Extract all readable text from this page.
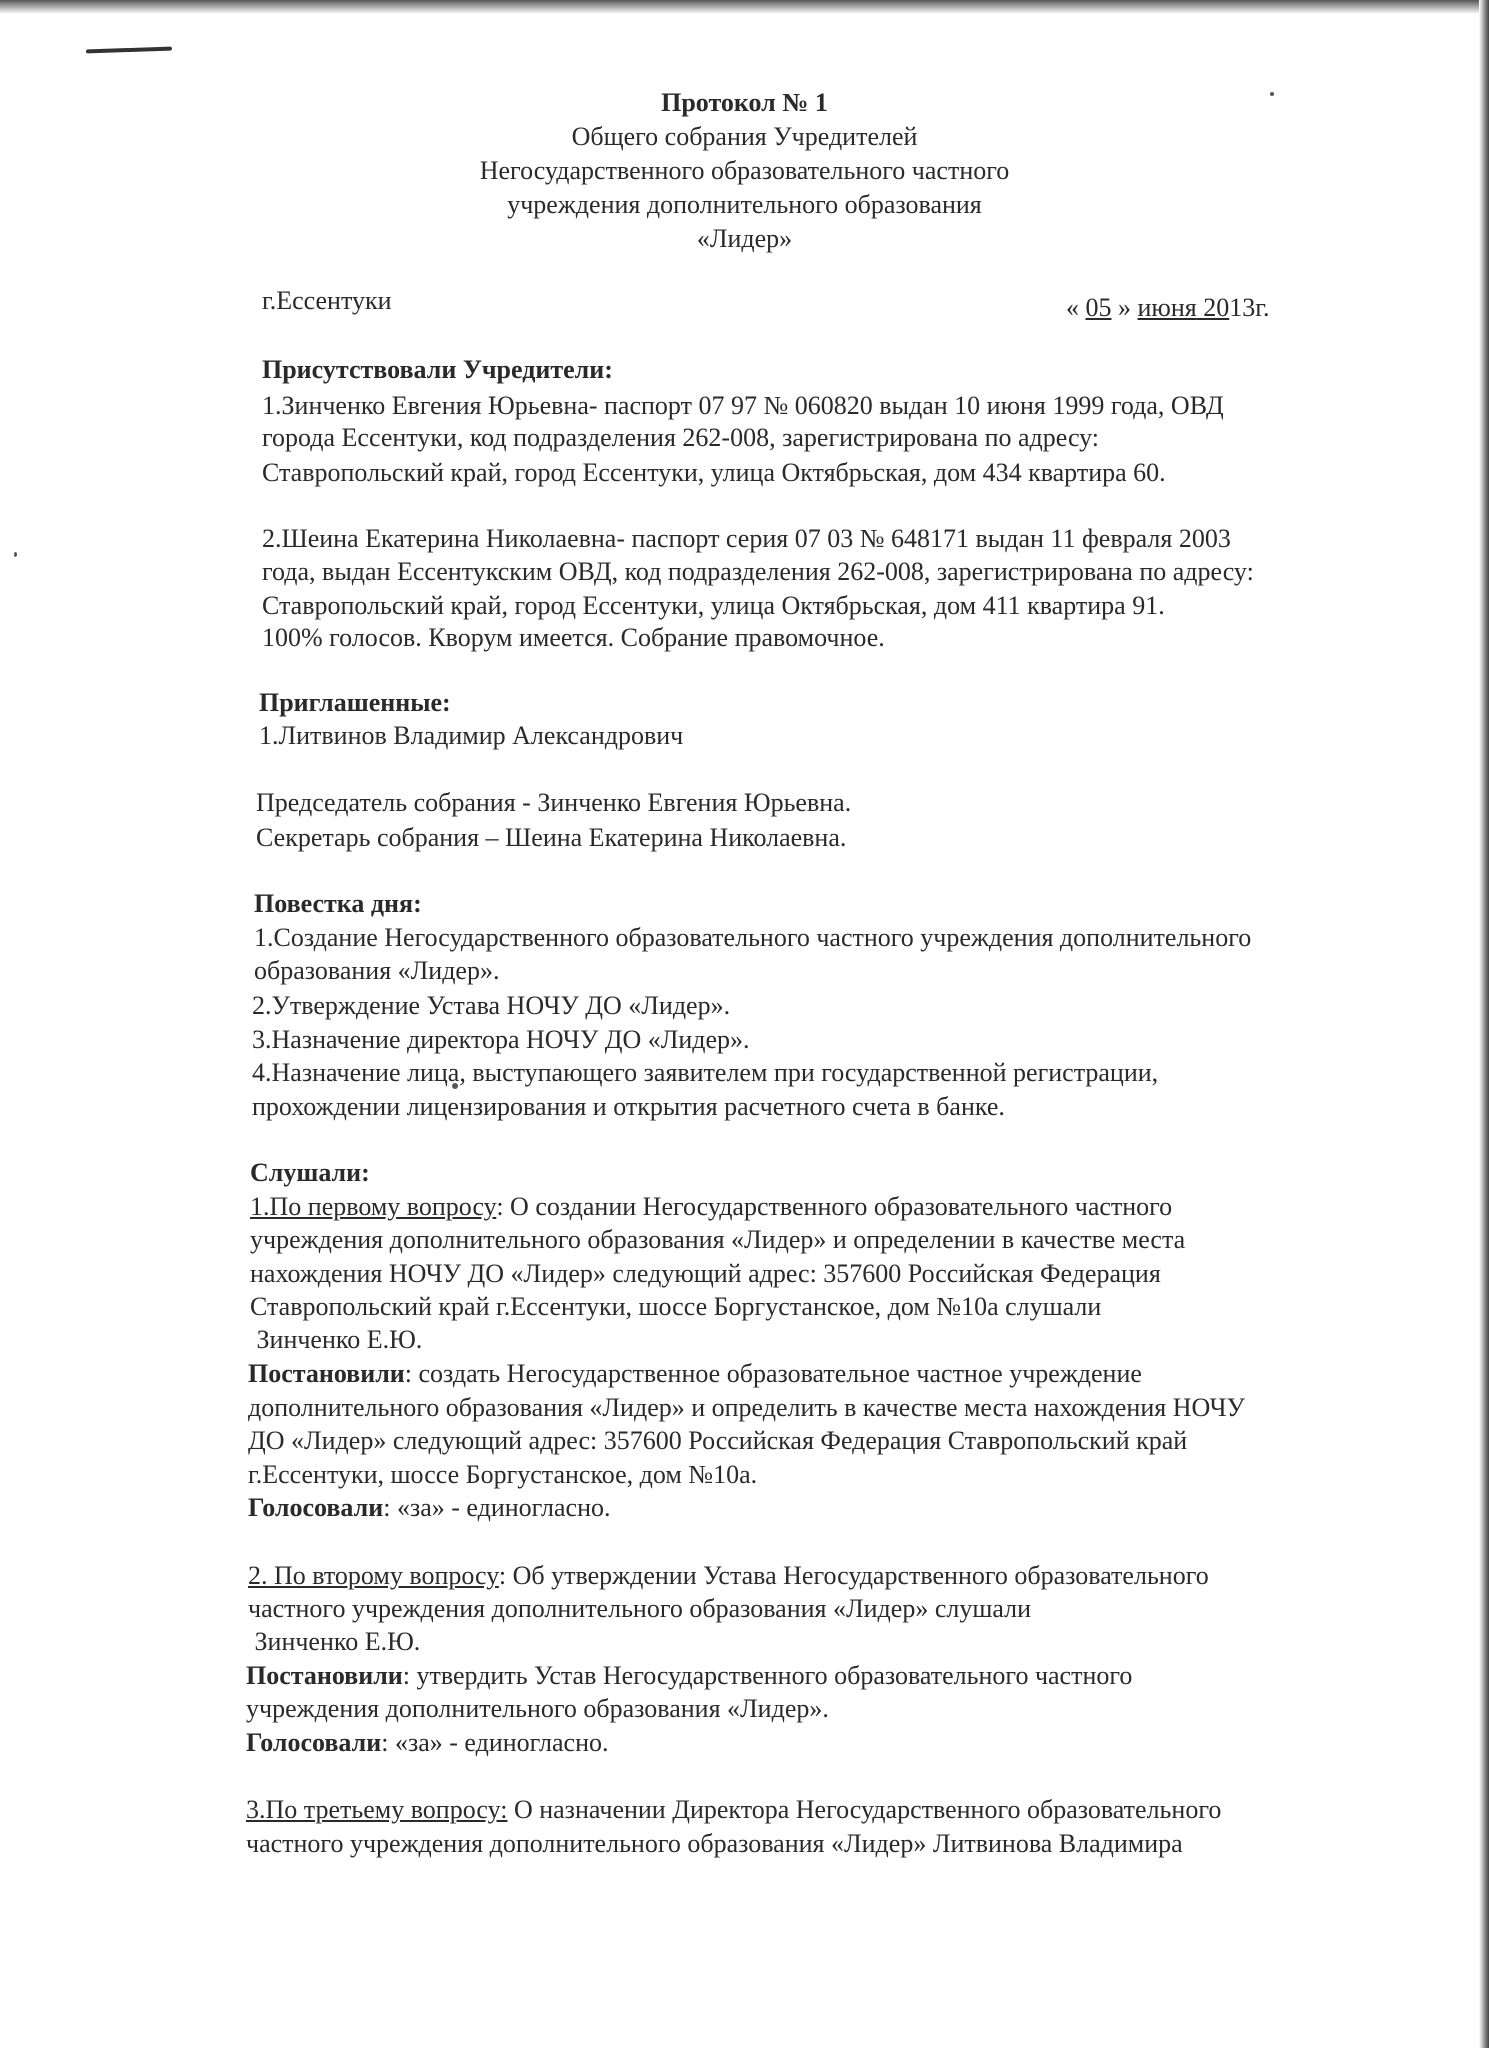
Протокол № 1
Общего собрания Учредителей
Негосударственного образовательного частного
учреждения дополнительного образования
«Лидер»
г.Ессентуки	« 05 » июня 2013г.
Присутствовали Учредители:
1.Зинченко Евгения Юрьевна- паспорт 07 97 № 060820 выдан 10 июня 1999 года, ОВД
города Ессентуки, код подразделения 262-008, зарегистрирована по адресу:
Ставропольский край, город Ессентуки, улица Октябрьская, дом 434 квартира 60.
2.Шеина Екатерина Николаевна- паспорт серия 07 03 № 648171 выдан 11 февраля 2003
года, выдан Ессентукским ОВД, код подразделения 262-008, зарегистрирована по адресу:
Ставропольский край, город Ессентуки, улица Октябрьская, дом 411 квартира 91.
100% голосов. Кворум имеется. Собрание правомочное.
Приглашенные:
1.Литвинов Владимир Александрович
Председатель собрания - Зинченко Евгения Юрьевна.
Секретарь собрания – Шеина Екатерина Николаевна.
Повестка дня:
1.Создание Негосударственного образовательного частного учреждения дополнительного
образования «Лидер».
2.Утверждение Устава НОЧУ ДО «Лидер».
3.Назначение директора НОЧУ ДО «Лидер».
4.Назначение лица, выступающего заявителем при государственной регистрации,
прохождении лицензирования и открытия расчетного счета в банке.
Слушали:
1.По первому вопросу: О создании Негосударственного образовательного частного
учреждения дополнительного образования «Лидер» и определении в качестве места
нахождения НОЧУ ДО «Лидер» следующий адрес: 357600 Российская Федерация
Ставропольский край г.Ессентуки, шоссе Боргустанское, дом №10а слушали
Зинченко Е.Ю.
Постановили: создать Негосударственное образовательное частное учреждение
дополнительного образования «Лидер» и определить в качестве места нахождения НОЧУ
ДО «Лидер» следующий адрес: 357600 Российская Федерация Ставропольский край
г.Ессентуки, шоссе Боргустанское, дом №10а.
Голосовали: «за» - единогласно.
2. По второму вопросу: Об утверждении Устава Негосударственного образовательного
частного учреждения дополнительного образования «Лидер» слушали
Зинченко Е.Ю.
Постановили: утвердить Устав Негосударственного образовательного частного
учреждения дополнительного образования «Лидер».
Голосовали: «за» - единогласно.
3.По третьему вопросу: О назначении Директора Негосударственного образовательного
частного учреждения дополнительного образования «Лидер» Литвинова Владимира
